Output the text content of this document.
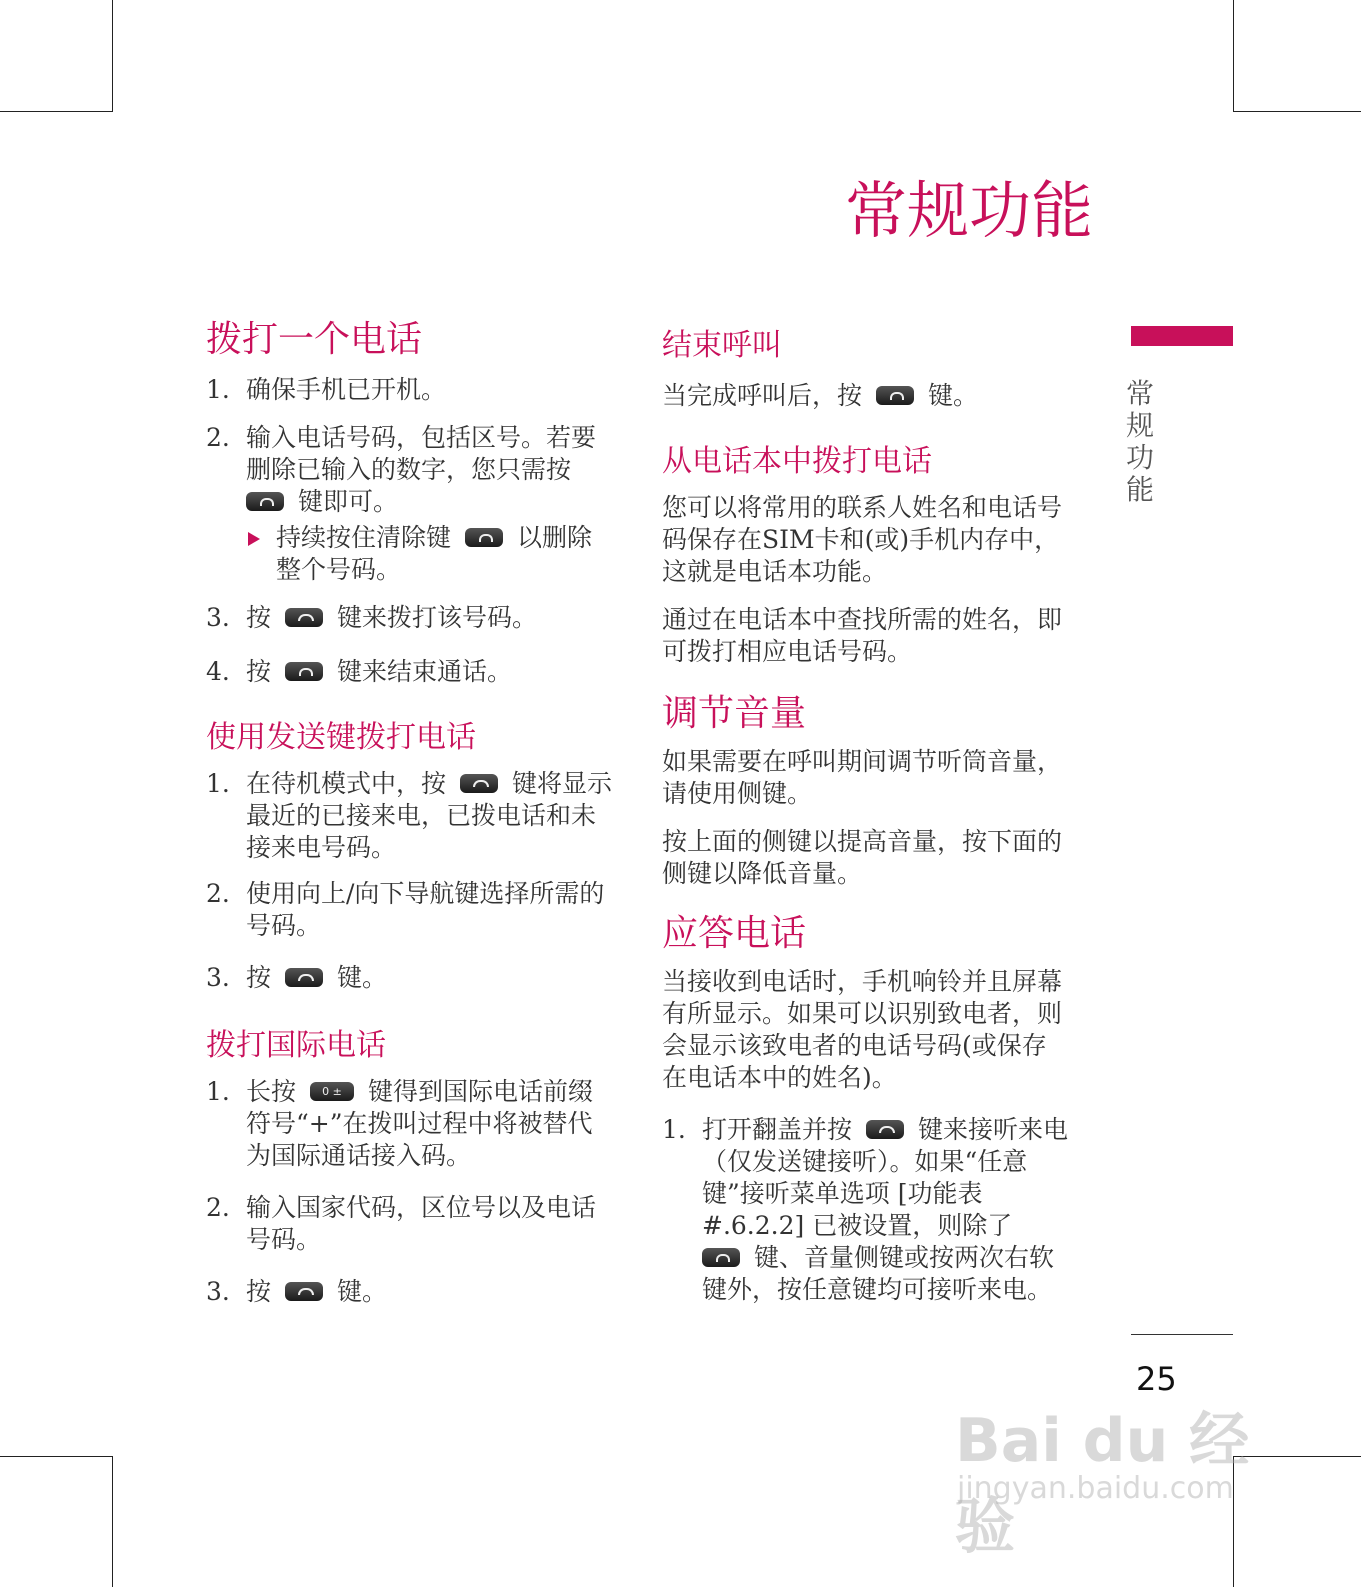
常规功能
常规功能
拨打一个电话
1. 确保手机已开机。
2. 输入电话号码，包括区号。若要删除已输入的数字，您只需按
键即可。
持续按住清除键	以删除整个号码。
3. 按	键来拨打该号码。
4. 按	键来结束通话。
使用发送键拨打电话
1. 在待机模式中，按	键将显示最近的已接来电，已拨电话和未接来电号码。
2. 使用向上/向下导航键选择所需的号码。
3. 按	键。
拨打国际电话
1. 长按 0 ± 键得到国际电话前缀符号“+”在拨叫过程中将被替代为国际通话接入码。
2. 输入国家代码，区位号以及电话号码。
3. 按	键。
结束呼叫

当完成呼叫后，按	键。

从电话本中拨打电话

您可以将常用的联系人姓名和电话号码保存在SIM卡和(或)手机内存中，这就是电话本功能。

通过在电话本中查找所需的姓名，即可拨打相应电话号码。

调节音量

如果需要在呼叫期间调节听筒音量，请使用侧键。

按上面的侧键以提高音量，按下面的侧键以降低音量。

应答电话

当接收到电话时，手机响铃并且屏幕有所显示。如果可以识别致电者，则会显示该致电者的电话号码(或保存在电话本中的姓名)。

1. 打开翻盖并按	键来接听来电（仅发送键接听）。如果“任意键”接听菜单选项 [功能表 #.6.2.2] 已被设置，则除了
键、音量侧键或按两次右软键外，按任意键均可接听来电。
25
Bai du 经验
jingyan.baidu.com
